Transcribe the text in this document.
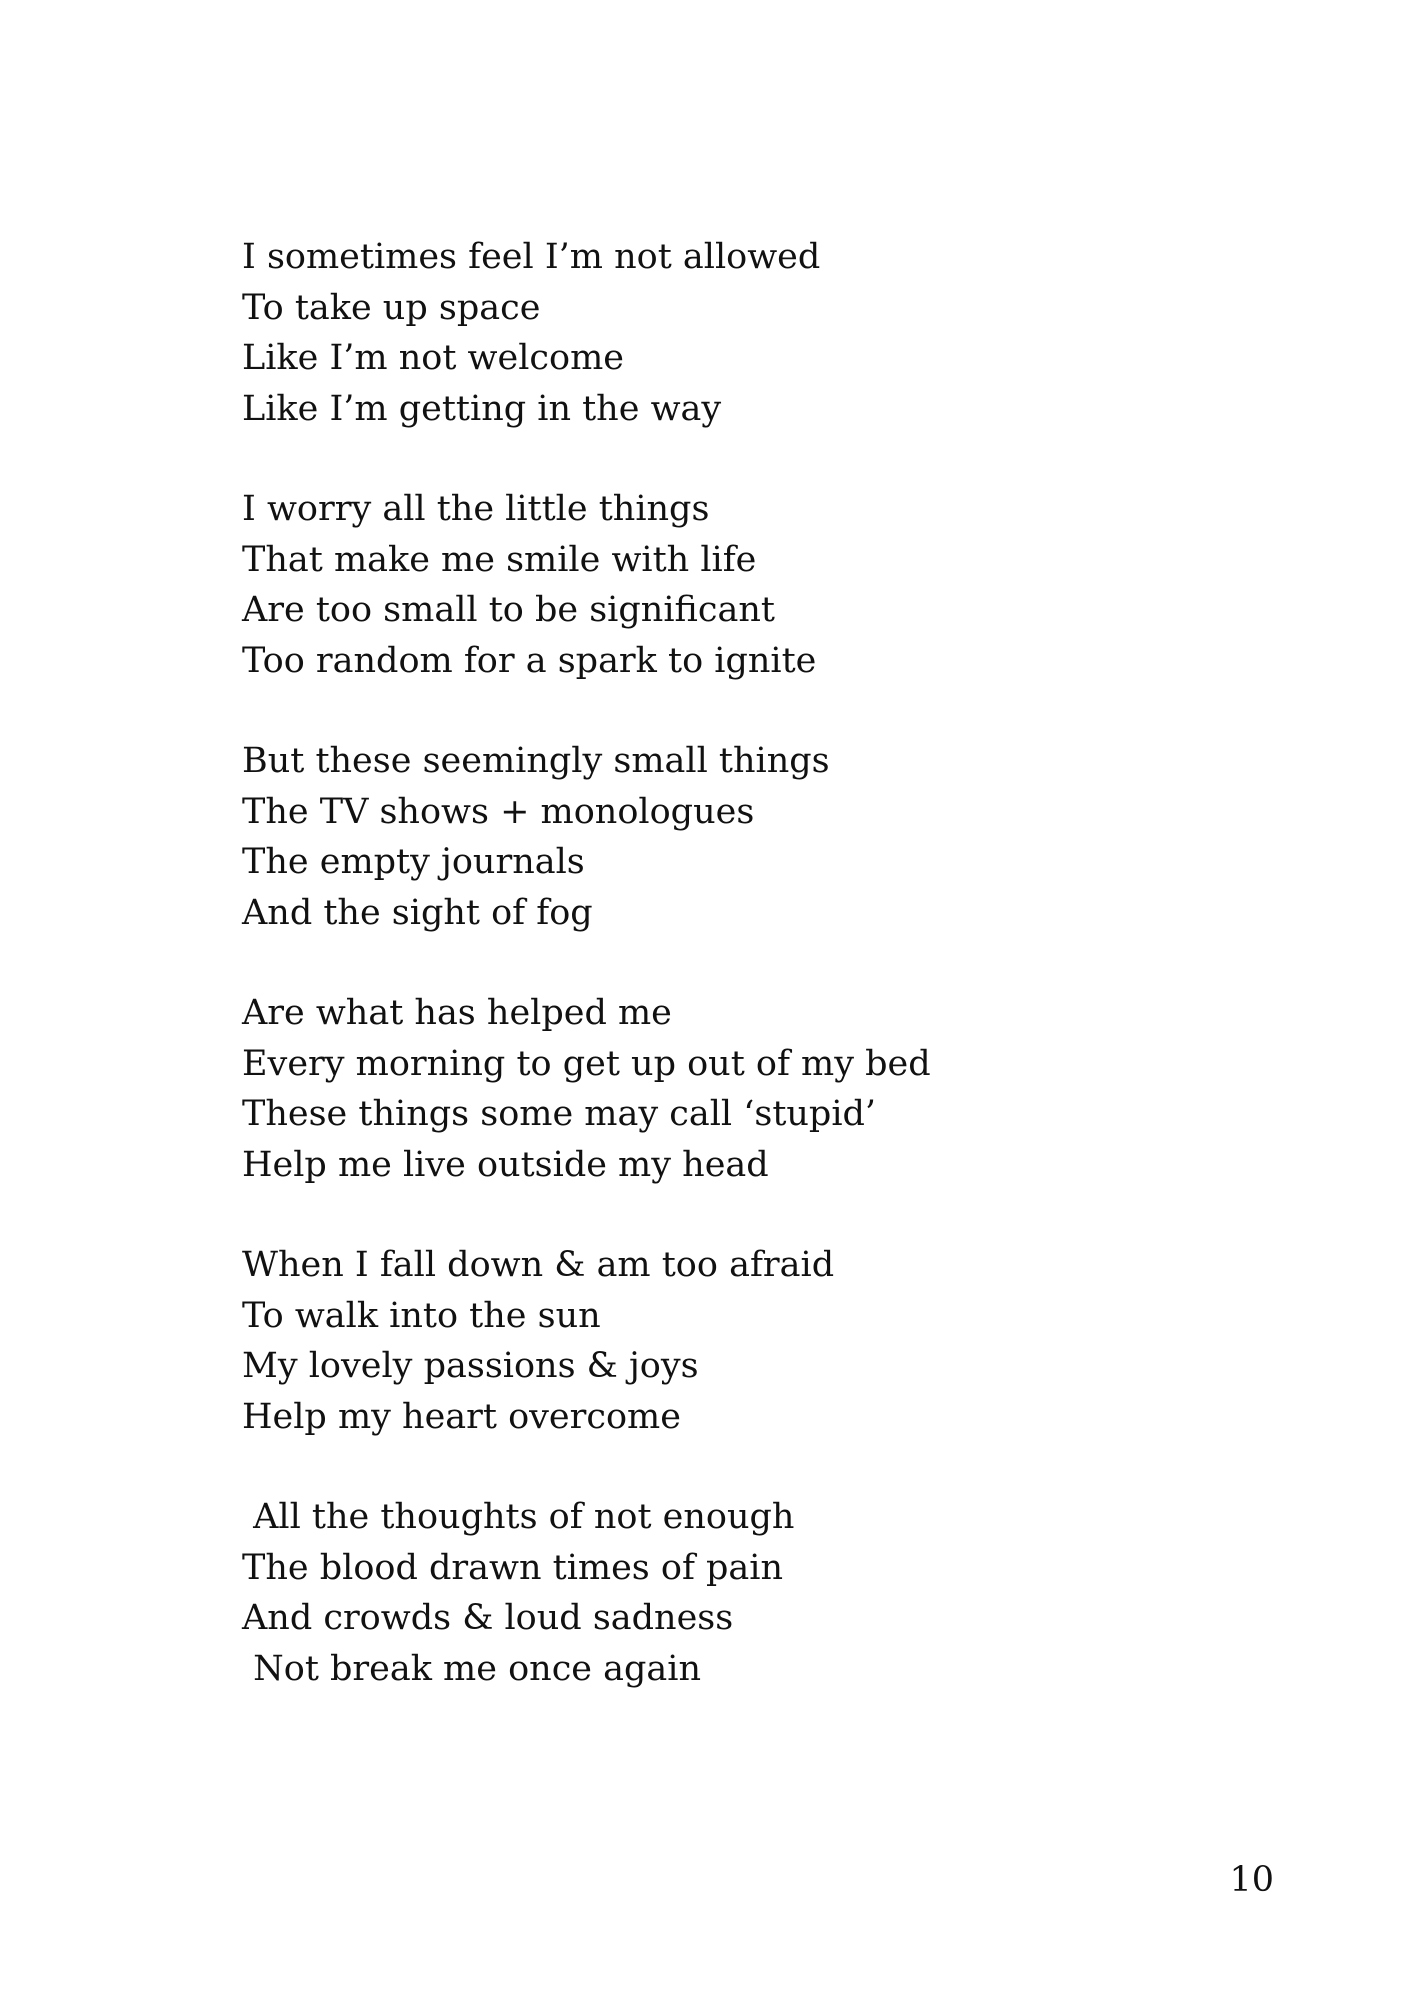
I sometimes feel I’m not allowed
To take up space
Like I’m not welcome
Like I’m getting in the way
I worry all the little things
That make me smile with life
Are too small to be significant
Too random for a spark to ignite
But these seemingly small things
The TV shows + monologues
The empty journals
And the sight of fog
Are what has helped me
Every morning to get up out of my bed
These things some may call ‘stupid’
Help me live outside my head
When I fall down & am too afraid
To walk into the sun
My lovely passions & joys
Help my heart overcome
All the thoughts of not enough
The blood drawn times of pain
And crowds & loud sadness
Not break me once again
10
